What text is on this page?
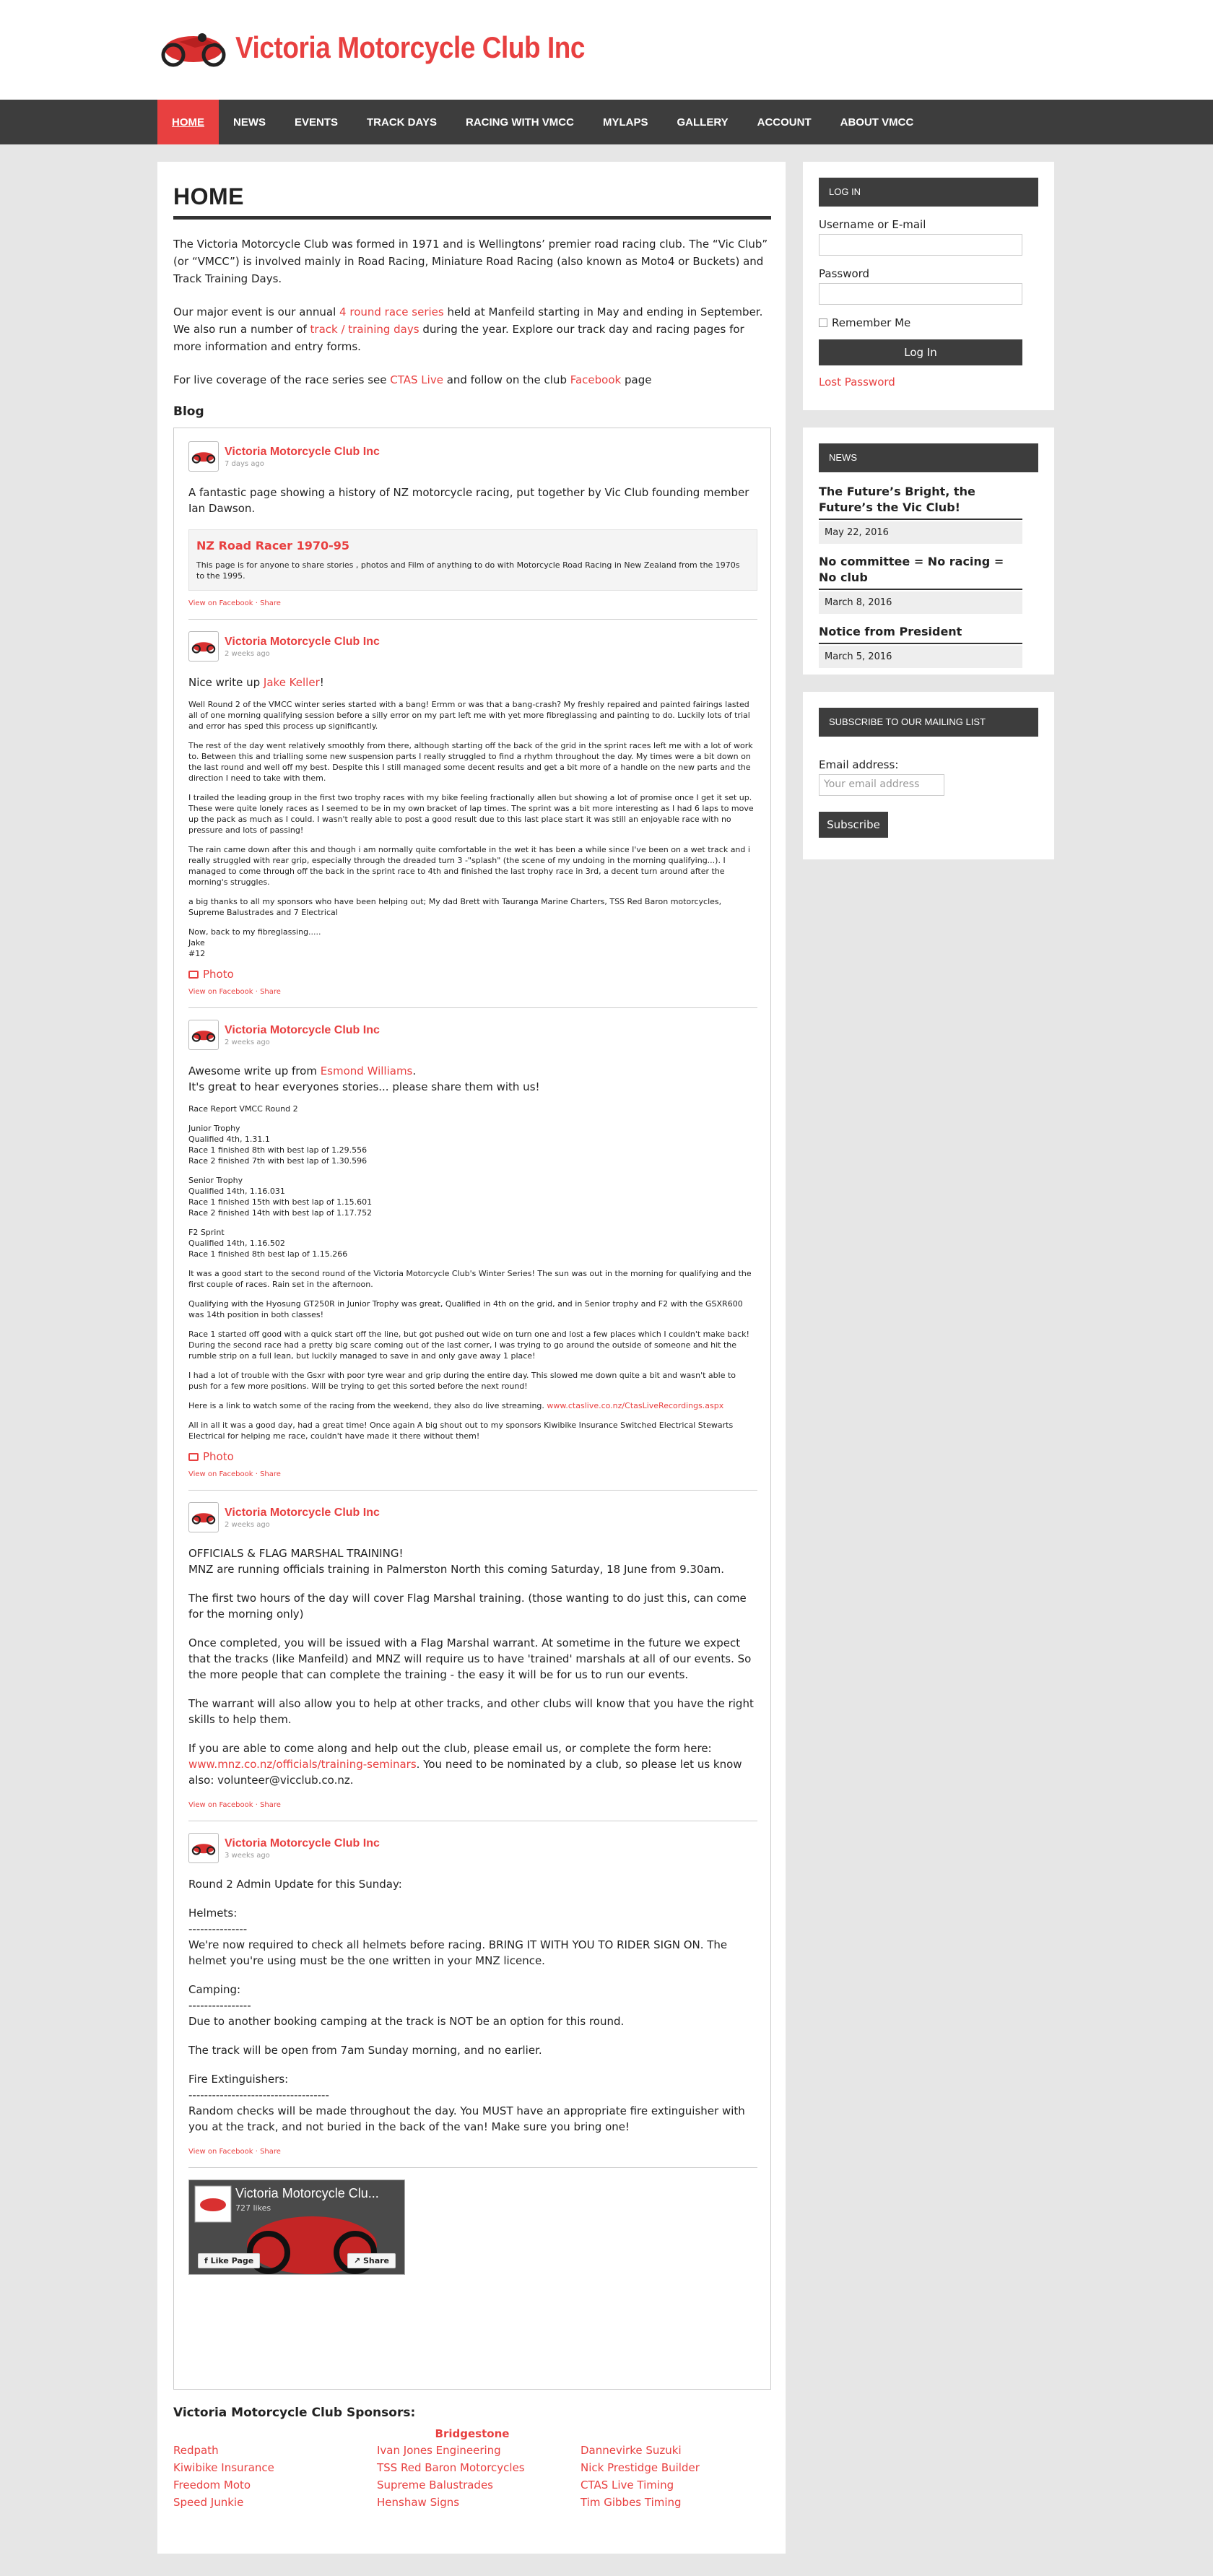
Victoria Motorcycle Club Inc
HOME	NEWS	EVENTS	TRACK DAYS	RACING WITH VMCC	MYLAPS	GALLERY	ACCOUNT	ABOUT VMCC
HOME

The Victoria Motorcycle Club was formed in 1971 and is Wellingtons’ premier road racing club. The “Vic Club” (or “VMCC”) is involved mainly in Road Racing, Miniature Road Racing (also known as Moto4 or Buckets) and Track Training Days.

Our major event is our annual 4 round race series held at Manfeild starting in May and ending in September. We also run a number of track / training days during the year. Explore our track day and racing pages for more information and entry forms.

For live coverage of the race series see CTAS Live and follow on the club Facebook page

Blog
Victoria Motorcycle Club Inc
7 days ago
A fantastic page showing a history of NZ motorcycle racing, put together by Vic Club founding member Ian Dawson.
NZ Road Racer 1970-95
This page is for anyone to share stories , photos and Film of anything to do with Motorcycle Road Racing in New Zealand from the 1970s to the 1995.
View on Facebook · Share
Victoria Motorcycle Club Inc
2 weeks ago
Nice write up Jake Keller!
Well Round 2 of the VMCC winter series started with a bang! Ermm or was that a bang-crash? My freshly repaired and painted fairings lasted all of one morning qualifying session before a silly error on my part left me with yet more fibreglassing and painting to do. Luckily lots of trial and error has sped this process up significantly.
The rest of the day went relatively smoothly from there, although starting off the back of the grid in the sprint races left me with a lot of work to. Between this and trialling some new suspension parts I really struggled to find a rhythm throughout the day. My times were a bit down on the last round and well off my best. Despite this I still managed some decent results and get a bit more of a handle on the new parts and the direction I need to take with them.
I trailed the leading group in the first two trophy races with my bike feeling fractionally allen but showing a lot of promise once I get it set up. These were quite lonely races as I seemed to be in my own bracket of lap times. The sprint was a bit more interesting as I had 6 laps to move up the pack as much as I could. I wasn't really able to post a good result due to this last place start it was still an enjoyable race with no pressure and lots of passing!
The rain came down after this and though i am normally quite comfortable in the wet it has been a while since I've been on a wet track and i really struggled with rear grip, especially through the dreaded turn 3 -"splash" (the scene of my undoing in the morning qualifying...). I managed to come through off the back in the sprint race to 4th and finished the last trophy race in 3rd, a decent turn around after the morning's struggles.
a big thanks to all my sponsors who have been helping out; My dad Brett with Tauranga Marine Charters, TSS Red Baron motorcycles, Supreme Balustrades and 7 Electrical
Now, back to my fibreglassing.....
Jake
#12
Photo
View on Facebook · Share
Victoria Motorcycle Club Inc
2 weeks ago
Awesome write up from Esmond Williams.
It's great to hear everyones stories... please share them with us!
Race Report VMCC Round 2
Junior Trophy
Qualified 4th, 1.31.1
Race 1 finished 8th with best lap of 1.29.556
Race 2 finished 7th with best lap of 1.30.596
Senior Trophy
Qualified 14th, 1.16.031
Race 1 finished 15th with best lap of 1.15.601
Race 2 finished 14th with best lap of 1.17.752
F2 Sprint
Qualified 14th, 1.16.502
Race 1 finished 8th best lap of 1.15.266
It was a good start to the second round of the Victoria Motorcycle Club's Winter Series! The sun was out in the morning for qualifying and the first couple of races. Rain set in the afternoon.
Qualifying with the Hyosung GT250R in Junior Trophy was great, Qualified in 4th on the grid, and in Senior trophy and F2 with the GSXR600 was 14th position in both classes!
Race 1 started off good with a quick start off the line, but got pushed out wide on turn one and lost a few places which I couldn't make back! During the second race had a pretty big scare coming out of the last corner, I was trying to go around the outside of someone and hit the rumble strip on a full lean, but luckily managed to save in and only gave away 1 place!
I had a lot of trouble with the Gsxr with poor tyre wear and grip during the entire day. This slowed me down quite a bit and wasn't able to push for a few more positions. Will be trying to get this sorted before the next round!
Here is a link to watch some of the racing from the weekend, they also do live streaming. www.ctaslive.co.nz/CtasLiveRecordings.aspx
All in all it was a good day, had a great time! Once again A big shout out to my sponsors Kiwibike Insurance Switched Electrical Stewarts Electrical for helping me race, couldn't have made it there without them!
Photo
View on Facebook · Share
Victoria Motorcycle Club Inc
2 weeks ago
OFFICIALS & FLAG MARSHAL TRAINING!
MNZ are running officials training in Palmerston North this coming Saturday, 18 June from 9.30am.
The first two hours of the day will cover Flag Marshal training. (those wanting to do just this, can come for the morning only)
Once completed, you will be issued with a Flag Marshal warrant. At sometime in the future we expect that the tracks (like Manfeild) and MNZ will require us to have 'trained' marshals at all of our events. So the more people that can complete the training - the easy it will be for us to run our events.
The warrant will also allow you to help at other tracks, and other clubs will know that you have the right skills to help them.
If you are able to come along and help out the club, please email us, or complete the form here: www.mnz.co.nz/officials/training-seminars. You need to be nominated by a club, so please let us know also: volunteer@vicclub.co.nz.
View on Facebook · Share
Victoria Motorcycle Club Inc
3 weeks ago
Round 2 Admin Update for this Sunday:
Helmets:
---------------
We're now required to check all helmets before racing. BRING IT WITH YOU TO RIDER SIGN ON. The helmet you're using must be the one written in your MNZ licence.
Camping:
----------------
Due to another booking camping at the track is NOT be an option for this round.
The track will be open from 7am Sunday morning, and no earlier.
Fire Extinguishers:
------------------------------------
Random checks will be made throughout the day. You MUST have an appropriate fire extinguisher with you at the track, and not buried in the back of the van! Make sure you bring one!
View on Facebook · Share
Victoria Motorcycle Clu...
727 likes
f Like Page	↗ Share
Victoria Motorcycle Club Sponsors:
Bridgestone
Redpath	Ivan Jones Engineering	Dannevirke Suzuki
Kiwibike Insurance	TSS Red Baron Motorcycles	Nick Prestidge Builder
Freedom Moto	Supreme Balustrades	CTAS Live Timing
Speed Junkie	Henshaw Signs	Tim Gibbes Timing
LOG IN
Username or E-mail
Password
Remember Me
Log In
Lost Password
NEWS
The Future’s Bright, the Future’s the Vic Club!
May 22, 2016
No committee = No racing = No club
March 8, 2016
Notice from President
March 5, 2016
SUBSCRIBE TO OUR MAILING LIST
Email address:
Your email address
Subscribe
